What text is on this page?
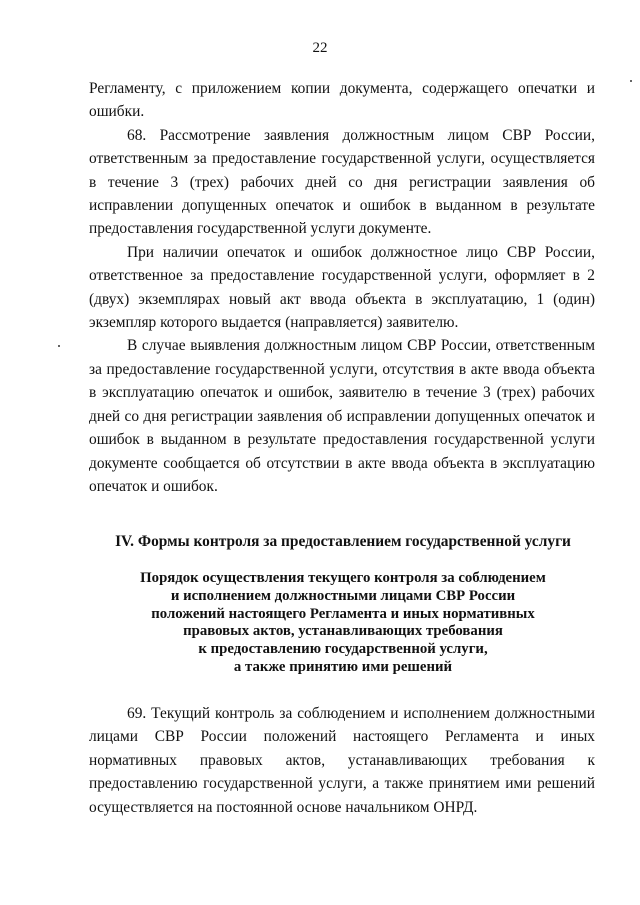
22

Регламенту, с приложением копии документа, содержащего опечатки и ошибки.

68. Рассмотрение заявления должностным лицом СВР России, ответственным за предоставление государственной услуги, осуществляется в течение 3 (трех) рабочих дней со дня регистрации заявления об исправлении допущенных опечаток и ошибок в выданном в результате предоставления государственной услуги документе.

При наличии опечаток и ошибок должностное лицо СВР России, ответственное за предоставление государственной услуги, оформляет в 2 (двух) экземплярах новый акт ввода объекта в эксплуатацию, 1 (один) экземпляр которого выдается (направляется) заявителю.

В случае выявления должностным лицом СВР России, ответственным за предоставление государственной услуги, отсутствия в акте ввода объекта в эксплуатацию опечаток и ошибок, заявителю в течение 3 (трех) рабочих дней со дня регистрации заявления об исправлении допущенных опечаток и ошибок в выданном в результате предоставления государственной услуги документе сообщается об отсутствии в акте ввода объекта в эксплуатацию опечаток и ошибок.

IV. Формы контроля за предоставлением государственной услуги
Порядок осуществления текущего контроля за соблюдением
и исполнением должностными лицами СВР России
положений настоящего Регламента и иных нормативных
правовых актов, устанавливающих требования
к предоставлению государственной услуги,
а также принятию ими решений

69. Текущий контроль за соблюдением и исполнением должностными лицами СВР России положений настоящего Регламента и иных нормативных правовых актов, устанавливающих требования к предоставлению государственной услуги, а также принятием ими решений осуществляется на постоянной основе начальником ОНРД.
